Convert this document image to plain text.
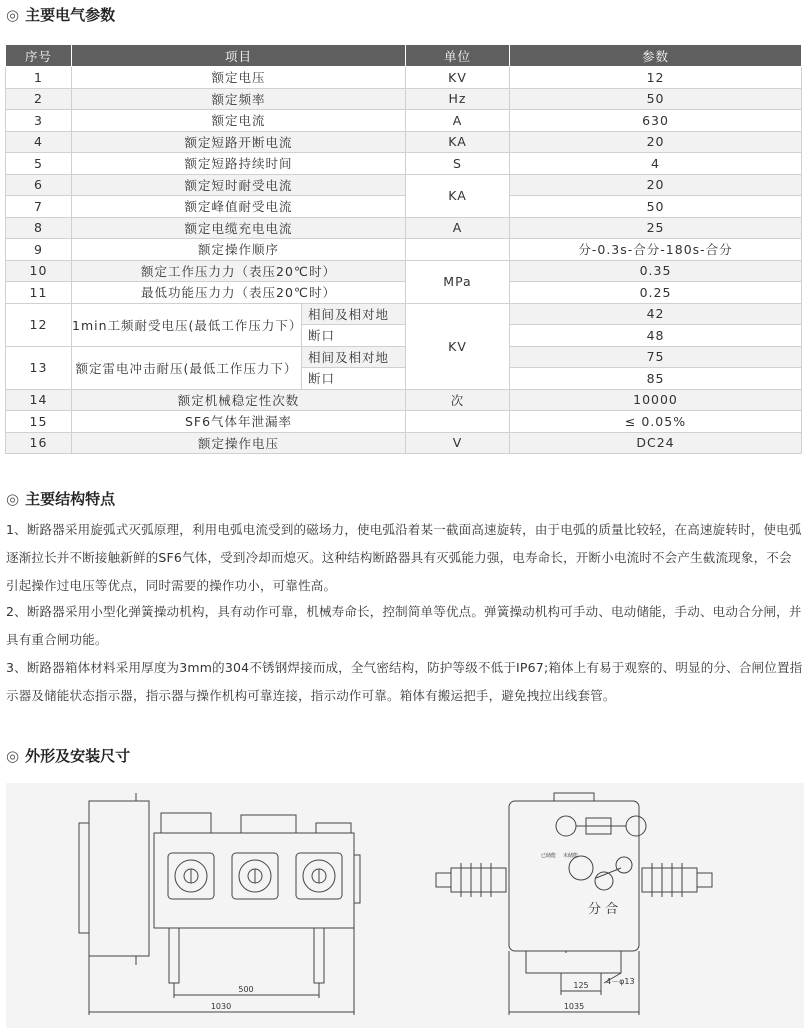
◎ 主要电气参数
序号	项目		单位	参数
1	额定电压		KV	12
2	额定频率		Hz	50
3	额定电流		A	630
4	额定短路开断电流		KA	20
5	额定短路持续时间		S	4
6	额定短时耐受电流		KA	20
7	额定峰值耐受电流			50
8	额定电缆充电电流		A	25
9	额定操作顺序			分-0.3s-合分-180s-合分
10	额定工作压力力（表压20℃时）		MPa	0.35
11	最低功能压力力（表压20℃时）			0.25
12	1min工频耐受电压(最低工作压力下）	相间及相对地	KV	42
		断口		48
13	额定雷电冲击耐压(最低工作压力下）	相间及相对地		75
		断口		85
14	额定机械稳定性次数		次	10000
15	SF6气体年泄漏率			≤ 0.05%
16	额定操作电压		V	DC24
◎ 主要结构特点
1、断路器采用旋弧式灭弧原理，利用电弧电流受到的磁场力，使电弧沿着某一截面高速旋转，由于电弧的质量比较轻，在高速旋转时，使电弧逐渐拉长并不断接触新鲜的SF6气体，受到冷却而熄灭。这种结构断路器具有灭弧能力强，电寿命长，开断小电流时不会产生截流现象，不会引起操作过电压等优点，同时需要的操作功小，可靠性高。
2、断路器采用小型化弹簧操动机构，具有动作可靠，机械寿命长，控制简单等优点。弹簧操动机构可手动、电动储能，手动、电动合分闸，并具有重合闸功能。
3、断路器箱体材料采用厚度为3mm的304不锈钢焊接而成，全气密结构，防护等级不低于IP67;箱体上有易于观察的、明显的分、合闸位置指示器及储能状态指示器，指示器与操作机构可靠连接，指示动作可靠。箱体有搬运把手，避免拽拉出线套管。
◎ 外形及安装尺寸
500
1030
125
1035
4－φ13
已储能 未储能
分 合
